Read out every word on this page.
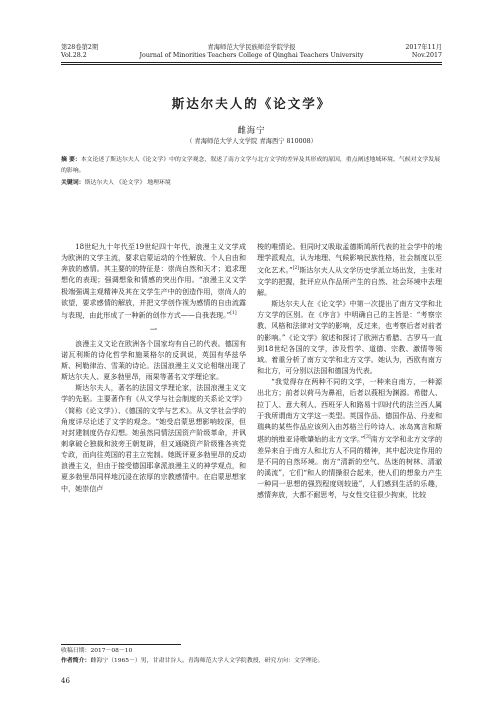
第28卷第2期
Vol.28.2
青海师范大学民族师范学院学报
Journal of Minorities Teachers College of Qinghai Teachers University
2017年11月
Nov.2017
斯达尔夫人的《论文学》
雌海宁
（ 青海师范大学人文学院 青海西宁 810008）
摘 要：本文论述了斯达尔夫人《论文学》中的文学观念，叙述了南方文学与北方文学的差异及其形成的原因，重点阐述地域环境、气候对文学发展的影响。
关键词：斯达尔夫人 《论文学》 地理环境

18世纪九十年代至19世纪四十年代，浪漫主义文学成为欧洲的文学主流，要求启蒙运动的个性解放、个人自由和奔放的感情。其主要的的特征是：崇尚自然和天才；追求理想化的表现；强调想象和情感的突出作用。“浪漫主义文学极端强调主观精神及其在文学生产中的创造作用，崇尚人的欲望，要求感情的解放，并把文学创作视为感情的自由流露与表现，由此形成了一种新的创作方式——自我表现。”[1]

一

浪漫主义文论在欧洲各个国家均有自己的代表。德国有诺瓦利斯的诗化哲学和施莱格尔的反讽说，英国有华兹华斯、柯勒律治、雪莱的诗论。法国浪漫主义文论相继出现了斯达尔夫人、夏多勃里昂，雨果等著名文学理论家。

斯达尔夫人，著名的法国文学理论家，法国浪漫主义文学的先驱。主要著作有《从文学与社会制度的关系论文学》（简称《论文学》）、《德国的文学与艺术》。从文学社会学的角度详尽论述了文学的观念。“她受启蒙思想影响较深，但对封建制度仍存幻想。她虽然同情法国资产阶级革命，并讽刺拿破仑独裁和波旁王朝复辟，但又通晓资产阶级雅各宾党专政，而向往英国的君主立宪制。她既评夏多勃里昂的反动浪漫主义，但由于接受德国耶拿派浪漫主义的神学观点，和夏多勃里昂同样地沉浸在浓厚的宗教感情中。在启蒙思想家中，她崇信卢

梭的唯情论。但同时又吸取孟德斯鸠所代表的社会学中的地理学派观点，认为地理、气候影响民族性格，社会制度以至文化艺术。”[2]斯达尔夫人从文学历史学派立场出发，主张对文学的把握，批评应从作品所产生的自然、社会环境中去理解。

斯达尔夫人在《论文学》中第一次提出了南方文学和北方文学的区别。在《序言》中明确自己的主旨是：“考察宗教、风格和法律对文学的影响，反过来，也考察后者对前者的影响。”《论文学》叙述和探讨了欧洲古希腊、古罗马一直到18世纪各国的文学，涉及哲学、道德、宗教、激情等领域。着重分析了南方文学和北方文学。她认为，西欧有南方和北方，可分别以法国和德国为代表。

“我觉得存在两种不同的文学，一种来自南方，一种源出北方；前者以荷马为鼻祖，后者以莪相为渊源。希腊人、拉丁人、意大利人、西班牙人和路易十四时代的法兰西人属于我所谓南方文学这一类型。英国作品、德国作品、丹麦和瑞典的某些作品应该列入由苏格兰行吟诗人、冰岛寓言和斯堪的纳维亚诗歌肇始的北方文学。”[3]南方文学和北方文学的差异来自于南方人和北方人不同的精神，其中起决定作用的是不同的自然环境。南方“清新的空气、丛迷的树林、清澈的溪流”，它们“和人的情操很合起来，使人们的想象力产生一种同一思想的强烈程度则较逊”，人们感到生活的乐趣，感情奔放，大都不耐思考，与女性交往很少拘束，比较

收稿日期：2017－08－10
作者简介：雌海宁（1965－）男，甘肃甘谷人。青海师范大学人文学院教授，研究方向：文学理论。
46
